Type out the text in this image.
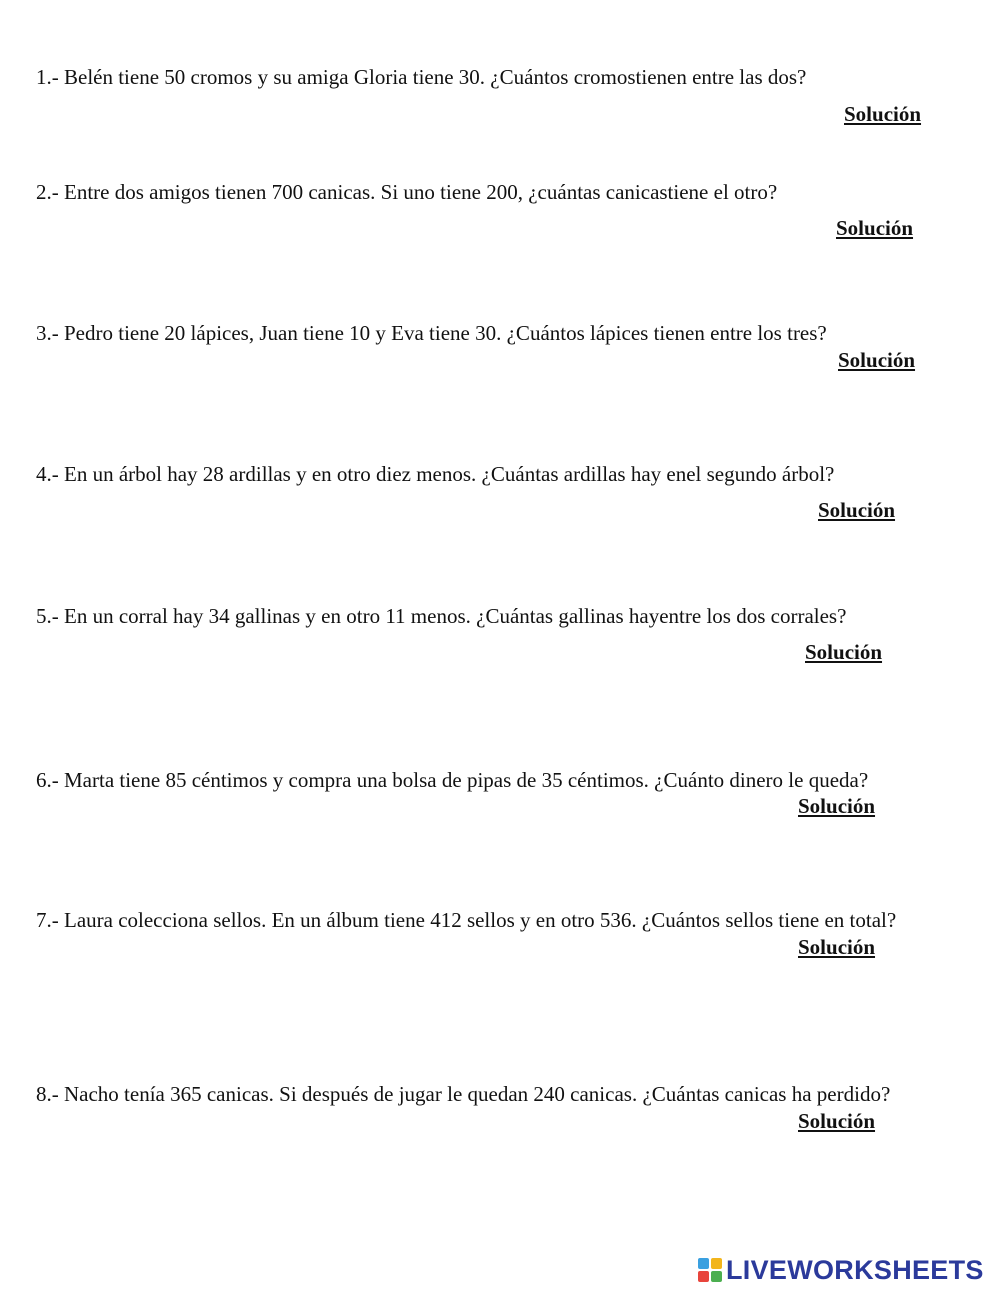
1.- Belén tiene 50 cromos y su amiga Gloria tiene 30. ¿Cuántos cromostienen entre las dos?
Solución
2.- Entre dos amigos tienen 700 canicas. Si uno tiene 200, ¿cuántas canicastiene el otro?
Solución
3.- Pedro tiene 20 lápices, Juan tiene 10 y Eva tiene 30. ¿Cuántos lápices tienen entre los tres?
Solución
4.- En un árbol hay 28 ardillas y en otro diez menos. ¿Cuántas ardillas hay enel segundo árbol?
Solución
5.- En un corral hay 34 gallinas y en otro 11 menos. ¿Cuántas gallinas hayentre los dos corrales?
Solución
6.- Marta tiene 85 céntimos y compra una bolsa de pipas de 35 céntimos. ¿Cuánto dinero le queda?
Solución
7.- Laura colecciona sellos. En un álbum tiene 412 sellos y en otro 536. ¿Cuántos sellos tiene en total?
Solución
8.- Nacho tenía 365 canicas. Si después de jugar le quedan 240 canicas. ¿Cuántas canicas ha perdido?
Solución
LIVEWORKSHEETS
